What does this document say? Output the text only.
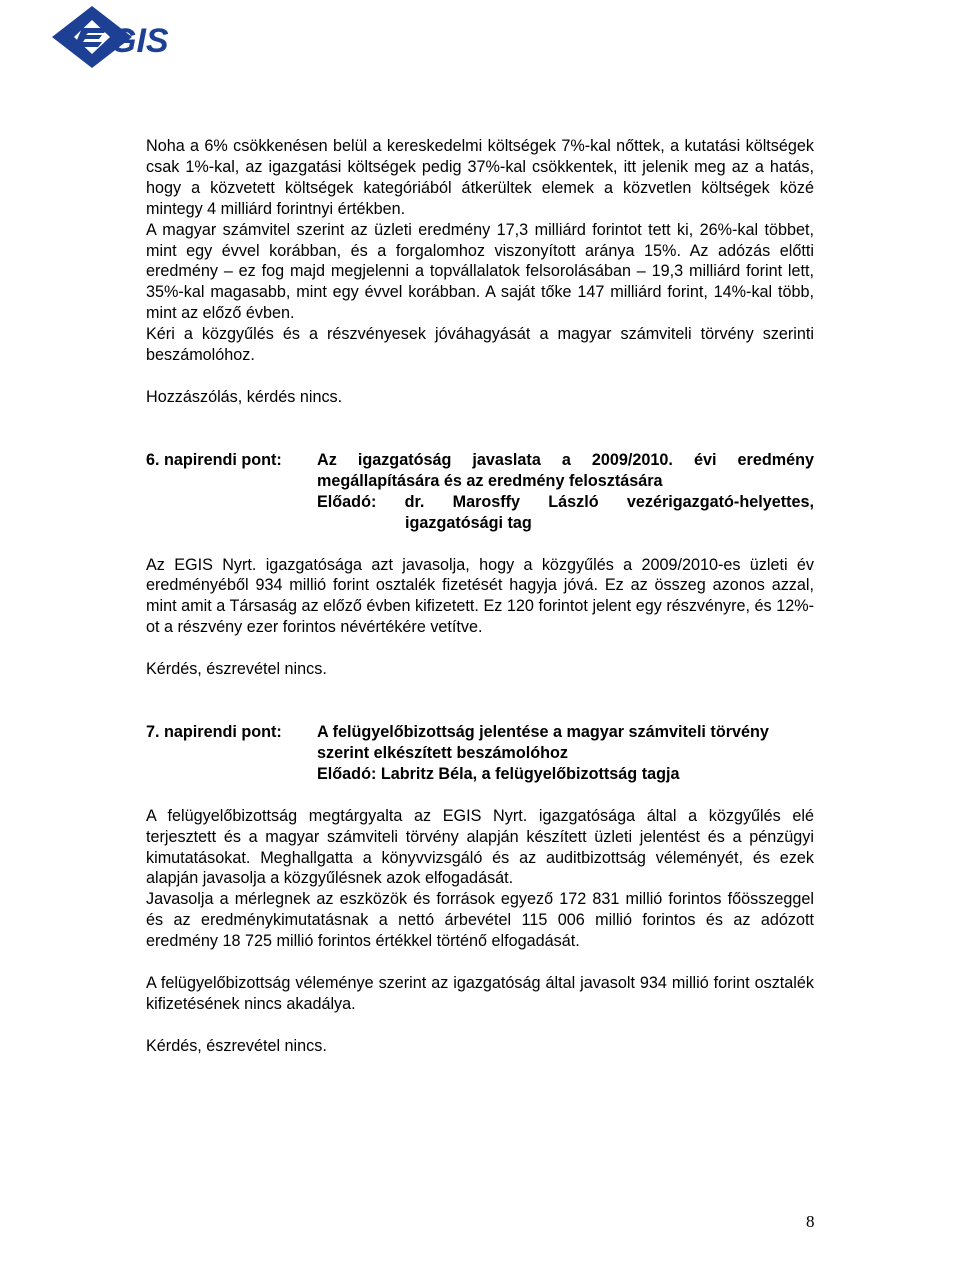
GIS

Noha a 6% csökkenésen belül a kereskedelmi költségek 7%-kal nőttek, a kutatási költségek csak 1%-kal, az igazgatási költségek pedig 37%-kal csökkentek, itt jelenik meg az a hatás, hogy a közvetett költségek kategóriából átkerültek elemek a közvetlen költségek közé mintegy 4 milliárd forintnyi értékben.

A magyar számvitel szerint az üzleti eredmény 17,3 milliárd forintot tett ki, 26%-kal többet, mint egy évvel korábban, és a forgalomhoz viszonyított aránya 15%. Az adózás előtti eredmény – ez fog majd megjelenni a topvállalatok felsorolásában – 19,3 milliárd forint lett, 35%-kal magasabb, mint egy évvel korábban. A saját tőke 147 milliárd forint, 14%-kal több, mint az előző évben.

Kéri a közgyűlés és a részvényesek jóváhagyását a magyar számviteli törvény szerinti beszámolóhoz.

Hozzászólás, kérdés nincs.

6. napirendi pont:	Az igazgatóság javaslata a 2009/2010. évi eredmény
megállapítására és az eredmény felosztására
Előadó: dr. Marosffy László vezérigazgató-helyettes,
igazgatósági tag

Az EGIS Nyrt. igazgatósága azt javasolja, hogy a közgyűlés a 2009/2010-es üzleti év eredményéből 934 millió forint osztalék fizetését hagyja jóvá. Ez az összeg azonos azzal, mint amit a Társaság az előző évben kifizetett. Ez 120 forintot jelent egy részvényre, és 12%-ot a részvény ezer forintos névértékére vetítve.

Kérdés, észrevétel nincs.

7. napirendi pont:	A felügyelőbizottság jelentése a magyar számviteli törvény
szerint elkészített beszámolóhoz
Előadó: Labritz Béla, a felügyelőbizottság tagja

A felügyelőbizottság megtárgyalta az EGIS Nyrt. igazgatósága által a közgyűlés elé terjesztett és a magyar számviteli törvény alapján készített üzleti jelentést és a pénzügyi kimutatásokat. Meghallgatta a könyvvizsgáló és az auditbizottság véleményét, és ezek alapján javasolja a közgyűlésnek azok elfogadását.

Javasolja a mérlegnek az eszközök és források egyező 172 831 millió forintos főösszeggel és az eredménykimutatásnak a nettó árbevétel 115 006 millió forintos és az adózott eredmény 18 725 millió forintos értékkel történő elfogadását.

A felügyelőbizottság véleménye szerint az igazgatóság által javasolt 934 millió forint osztalék kifizetésének nincs akadálya.

Kérdés, észrevétel nincs.

8
